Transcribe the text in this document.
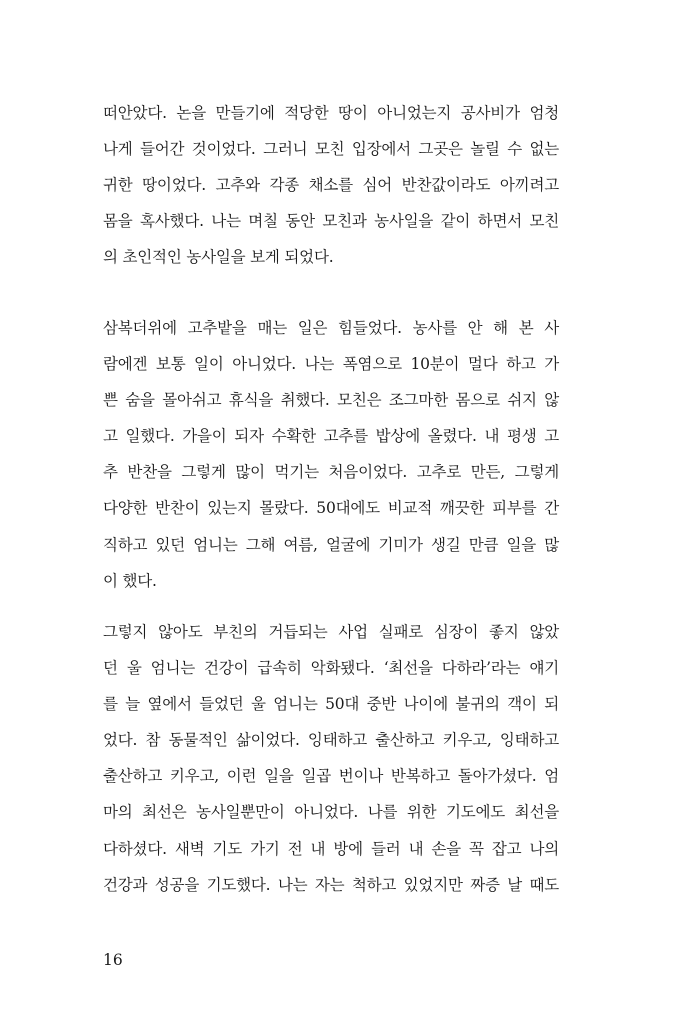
떠안았다. 논을 만들기에 적당한 땅이 아니었는지 공사비가 엄청
나게 들어간 것이었다. 그러니 모친 입장에서 그곳은 놀릴 수 없는
귀한 땅이었다. 고추와 각종 채소를 심어 반찬값이라도 아끼려고
몸을 혹사했다. 나는 며칠 동안 모친과 농사일을 같이 하면서 모친
의 초인적인 농사일을 보게 되었다.
삼복더위에 고추밭을 매는 일은 힘들었다. 농사를 안 해 본 사
람에겐 보통 일이 아니었다. 나는 폭염으로 10분이 멀다 하고 가
쁜 숨을 몰아쉬고 휴식을 취했다. 모친은 조그마한 몸으로 쉬지 않
고 일했다. 가을이 되자 수확한 고추를 밥상에 올렸다. 내 평생 고
추 반찬을 그렇게 많이 먹기는 처음이었다. 고추로 만든, 그렇게
다양한 반찬이 있는지 몰랐다. 50대에도 비교적 깨끗한 피부를 간
직하고 있던 엄니는 그해 여름, 얼굴에 기미가 생길 만큼 일을 많
이 했다.
그렇지 않아도 부친의 거듭되는 사업 실패로 심장이 좋지 않았
던 울 엄니는 건강이 급속히 악화됐다. ‘최선을 다하라’라는 얘기
를 늘 옆에서 들었던 울 엄니는 50대 중반 나이에 불귀의 객이 되
었다. 참 동물적인 삶이었다. 잉태하고 출산하고 키우고, 잉태하고
출산하고 키우고, 이런 일을 일곱 번이나 반복하고 돌아가셨다. 엄
마의 최선은 농사일뿐만이 아니었다. 나를 위한 기도에도 최선을
다하셨다. 새벽 기도 가기 전 내 방에 들러 내 손을 꼭 잡고 나의
건강과 성공을 기도했다. 나는 자는 척하고 있었지만 짜증 날 때도
16
